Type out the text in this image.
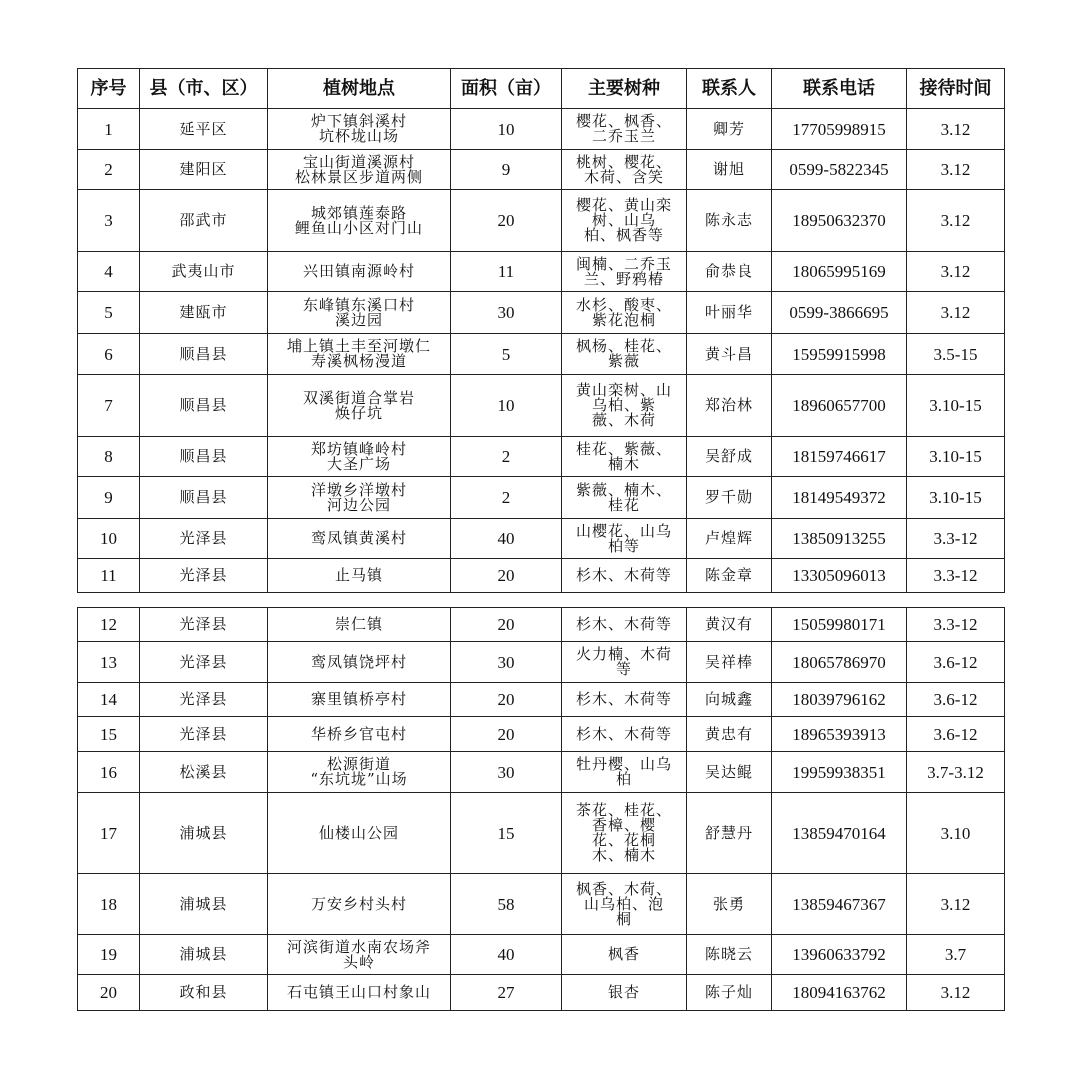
序号	县（市、区）	植树地点	面积（亩）	主要树种	联系人	联系电话	接待时间
1	延平区	炉下镇斜溪村
坑杯垅山场	10	樱花、枫香、
二乔玉兰	卿芳	17705998915	3.12
2	建阳区	宝山街道溪源村
松林景区步道两侧	9	桃树、樱花、
木荷、含笑	谢旭	0599-5822345	3.12
3	邵武市	城郊镇莲泰路
鲤鱼山小区对门山	20	樱花、黄山栾
树、山乌
柏、枫香等	陈永志	18950632370	3.12
4	武夷山市	兴田镇南源岭村	11	闽楠、二乔玉
兰、野鸦椿	俞恭良	18065995169	3.12
5	建瓯市	东峰镇东溪口村
溪边园	30	水杉、酸枣、
紫花泡桐	叶丽华	0599-3866695	3.12
6	顺昌县	埔上镇土丰至河墩仁
寿溪枫杨漫道	5	枫杨、桂花、
紫薇	黄斗昌	15959915998	3.5-15
7	顺昌县	双溪街道合掌岩
焕仔坑	10	黄山栾树、山
乌柏、紫
薇、木荷	郑治林	18960657700	3.10-15
8	顺昌县	郑坊镇峰岭村
大圣广场	2	桂花、紫薇、
楠木	吴舒成	18159746617	3.10-15
9	顺昌县	洋墩乡洋墩村
河边公园	2	紫薇、楠木、
桂花	罗千勋	18149549372	3.10-15
10	光泽县	鸾凤镇黄溪村	40	山樱花、山乌
柏等	卢煌辉	13850913255	3.3-12
11	光泽县	止马镇	20	杉木、木荷等	陈金章	13305096013	3.3-12
12	光泽县	崇仁镇	20	杉木、木荷等	黄汉有	15059980171	3.3-12
13	光泽县	鸾凤镇饶坪村	30	火力楠、木荷
等	吴祥棒	18065786970	3.6-12
14	光泽县	寨里镇桥亭村	20	杉木、木荷等	向城鑫	18039796162	3.6-12
15	光泽县	华桥乡官屯村	20	杉木、木荷等	黄忠有	18965393913	3.6-12
16	松溪县	松源街道
“东坑垅”山场	30	牡丹樱、山乌
柏	吴达鲲	19959938351	3.7-3.12
17	浦城县	仙楼山公园	15	茶花、桂花、
香樟、樱
花、花桐
木、楠木	舒慧丹	13859470164	3.10
18	浦城县	万安乡村头村	58	枫香、木荷、
山乌柏、泡
桐	张勇	13859467367	3.12
19	浦城县	河滨街道水南农场斧
头岭	40	枫香	陈晓云	13960633792	3.7
20	政和县	石屯镇王山口村象山	27	银杏	陈子灿	18094163762	3.12
